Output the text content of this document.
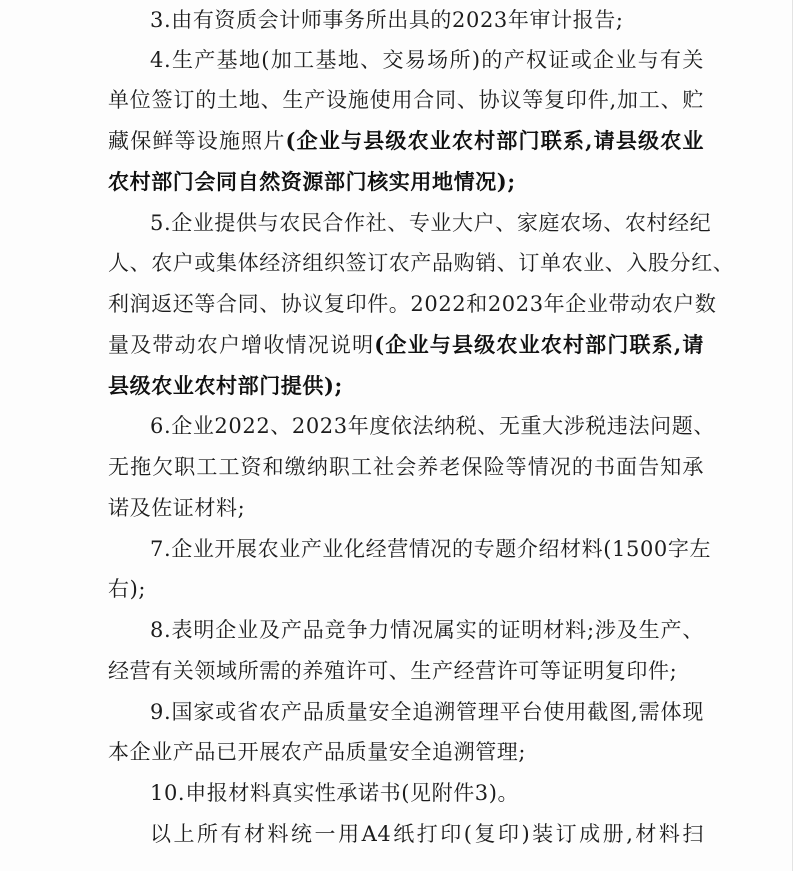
3.由有资质会计师事务所出具的2023年审计报告;
4.生产基地(加工基地、交易场所)的产权证或企业与有关
单位签订的土地、生产设施使用合同、协议等复印件,加工、贮
藏保鲜等设施照片(企业与县级农业农村部门联系,请县级农业
农村部门会同自然资源部门核实用地情况);
5.企业提供与农民合作社、专业大户、家庭农场、农村经纪
人、农户或集体经济组织签订农产品购销、订单农业、入股分红、
利润返还等合同、协议复印件。2022和2023年企业带动农户数
量及带动农户增收情况说明(企业与县级农业农村部门联系,请
县级农业农村部门提供);
6.企业2022、2023年度依法纳税、无重大涉税违法问题、
无拖欠职工工资和缴纳职工社会养老保险等情况的书面告知承
诺及佐证材料;
7.企业开展农业产业化经营情况的专题介绍材料(1500字左
右);
8.表明企业及产品竞争力情况属实的证明材料;涉及生产、
经营有关领域所需的养殖许可、生产经营许可等证明复印件;
9.国家或省农产品质量安全追溯管理平台使用截图,需体现
本企业产品已开展农产品质量安全追溯管理;
10.申报材料真实性承诺书(见附件3)。
以上所有材料统一用A4纸打印(复印)装订成册,材料扫
